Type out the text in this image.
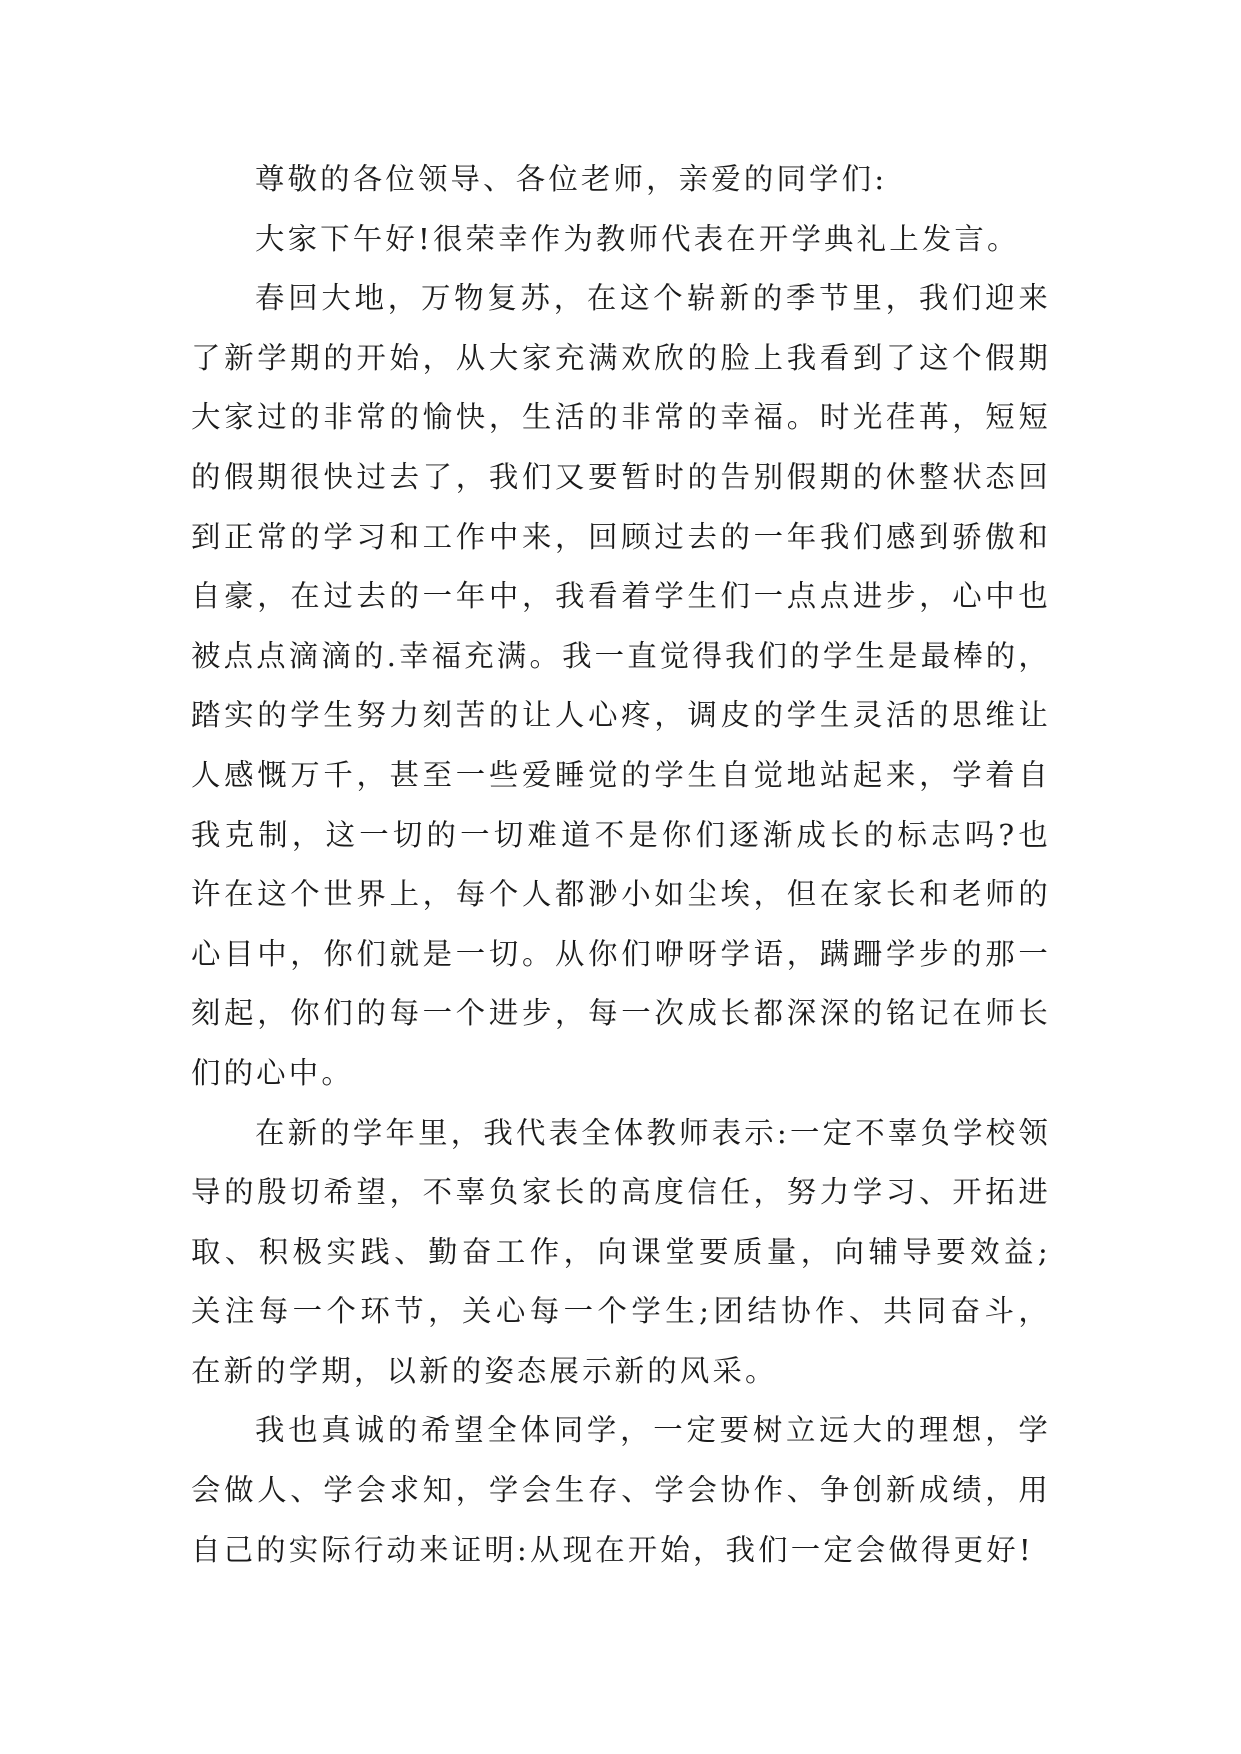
尊敬的各位领导、各位老师，亲爱的同学们:

大家下午好!很荣幸作为教师代表在开学典礼上发言。

春回大地，万物复苏，在这个崭新的季节里，我们迎来了新学期的开始，从大家充满欢欣的脸上我看到了这个假期大家过的非常的愉快，生活的非常的幸福。时光荏苒，短短的假期很快过去了，我们又要暂时的告别假期的休整状态回到正常的学习和工作中来，回顾过去的一年我们感到骄傲和自豪，在过去的一年中，我看着学生们一点点进步，心中也被点点滴滴的.幸福充满。我一直觉得我们的学生是最棒的，踏实的学生努力刻苦的让人心疼，调皮的学生灵活的思维让人感慨万千，甚至一些爱睡觉的学生自觉地站起来，学着自我克制，这一切的一切难道不是你们逐渐成长的标志吗?也许在这个世界上，每个人都渺小如尘埃，但在家长和老师的心目中，你们就是一切。从你们咿呀学语，蹒跚学步的那一刻起，你们的每一个进步，每一次成长都深深的铭记在师长们的心中。

在新的学年里，我代表全体教师表示:一定不辜负学校领导的殷切希望，不辜负家长的高度信任，努力学习、开拓进取、积极实践、勤奋工作，向课堂要质量，向辅导要效益;关注每一个环节，关心每一个学生;团结协作、共同奋斗，在新的学期，以新的姿态展示新的风采。

我也真诚的希望全体同学，一定要树立远大的理想，学会做人、学会求知，学会生存、学会协作、争创新成绩，用自己的实际行动来证明:从现在开始，我们一定会做得更好!
